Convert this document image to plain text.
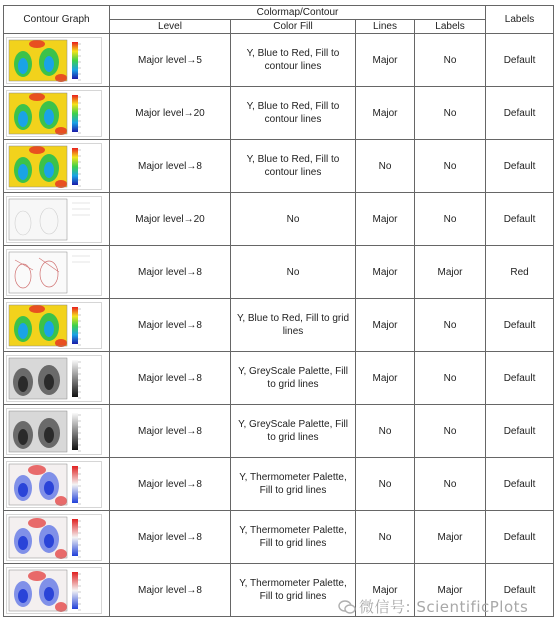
Contour Graph	Colormap/Contour				Labels
	Level	Color Fill	Lines	Labels	

	Major level→5	Y, Blue to Red, Fill to contour lines	Major	No	Default

	Major level→20	Y, Blue to Red, Fill to contour lines	Major	No	Default

	Major level→8	Y, Blue to Red, Fill to contour lines	No	No	Default

	Major level→20	No	Major	No	Default

	Major level→8	No	Major	Major	Red

	Major level→8	Y, Blue to Red, Fill to grid lines	Major	No	Default

	Major level→8	Y, GreyScale Palette, Fill to grid lines	Major	No	Default

	Major level→8	Y, GreyScale Palette, Fill to grid lines	No	No	Default

	Major level→8	Y, Thermometer Palette, Fill to grid lines	No	No	Default

	Major level→8	Y, Thermometer Palette, Fill to grid lines	No	Major	Default

	Major level→8	Y, Thermometer Palette, Fill to grid lines	Major	Major	Default
微信号: ScientificPlots
